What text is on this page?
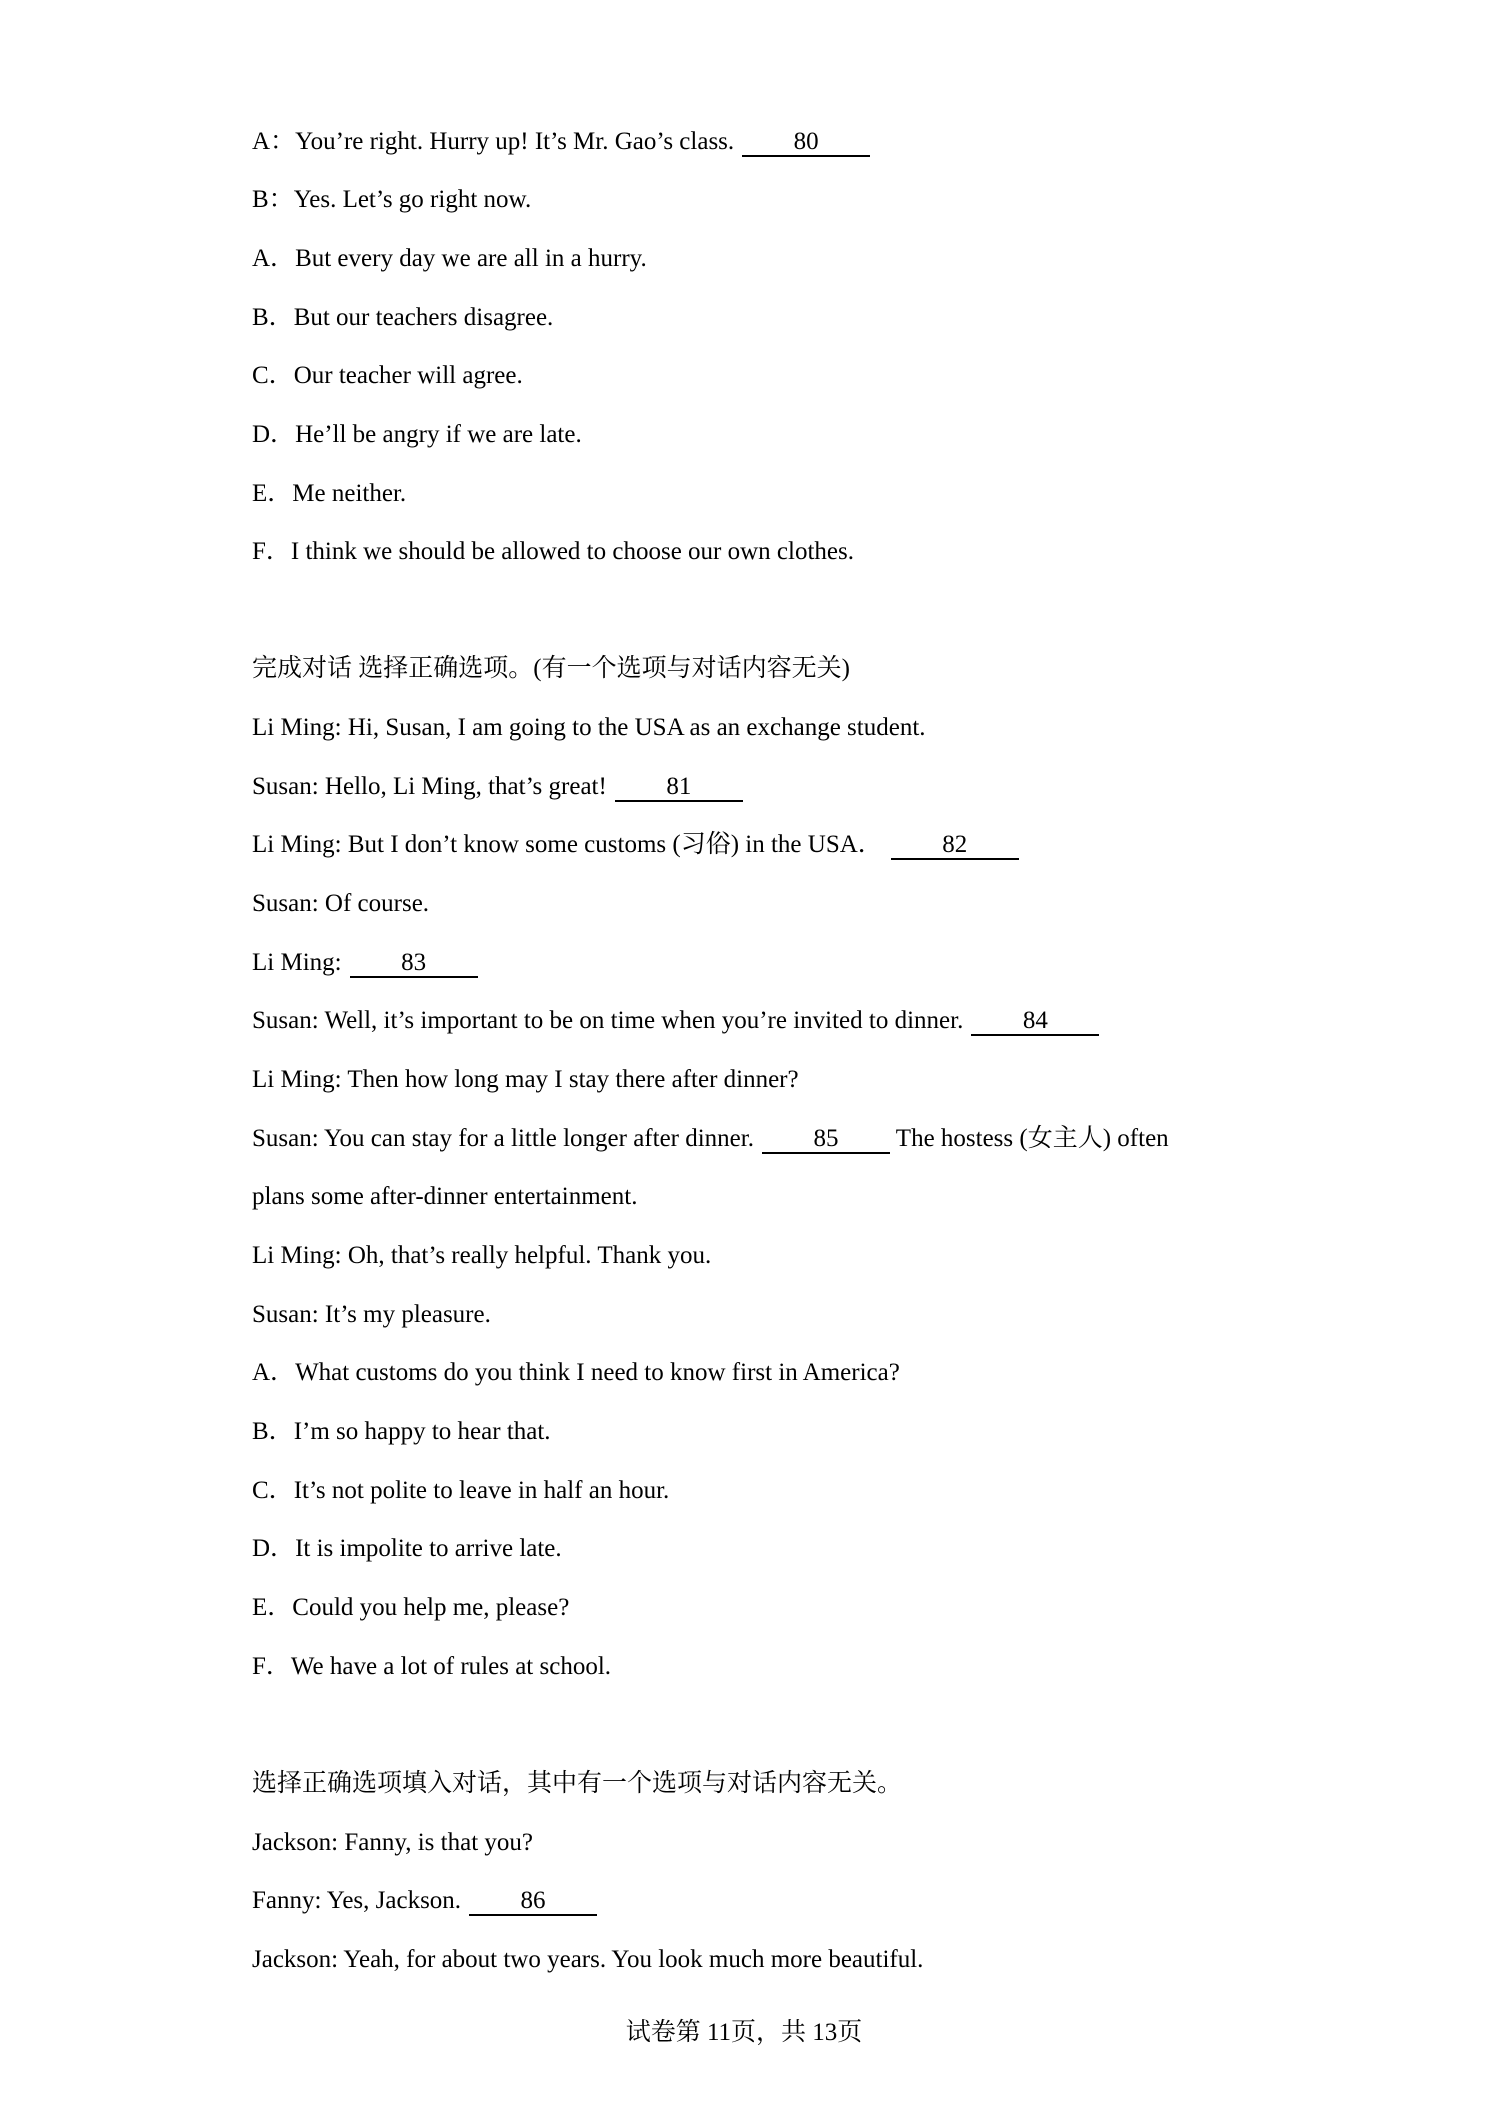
A：You’re right. Hurry up! It’s Mr. Gao’s class. 80
B：Yes. Let’s go right now.
A．But every day we are all in a hurry.
B．But our teachers disagree.
C．Our teacher will agree.
D．He’ll be angry if we are late.
E．Me neither.
F．I think we should be allowed to choose our own clothes.
完成对话 选择正确选项。(有一个选项与对话内容无关)
Li Ming: Hi, Susan, I am going to the USA as an exchange student.
Susan: Hello, Li Ming, that’s great! 81
Li Ming: But I don’t know some customs (习俗) in the USA． 82
Susan: Of course.
Li Ming: 83
Susan: Well, it’s important to be on time when you’re invited to dinner. 84
Li Ming: Then how long may I stay there after dinner?
Susan: You can stay for a little longer after dinner. 85 The hostess (女主人) often
plans some after-dinner entertainment.
Li Ming: Oh, that’s really helpful. Thank you.
Susan: It’s my pleasure.
A．What customs do you think I need to know first in America?
B．I’m so happy to hear that.
C．It’s not polite to leave in half an hour.
D．It is impolite to arrive late.
E．Could you help me, please?
F．We have a lot of rules at school.
选择正确选项填入对话，其中有一个选项与对话内容无关。
Jackson: Fanny, is that you?
Fanny: Yes, Jackson. 86
Jackson: Yeah, for about two years. You look much more beautiful.
试卷第 11页，共 13页
